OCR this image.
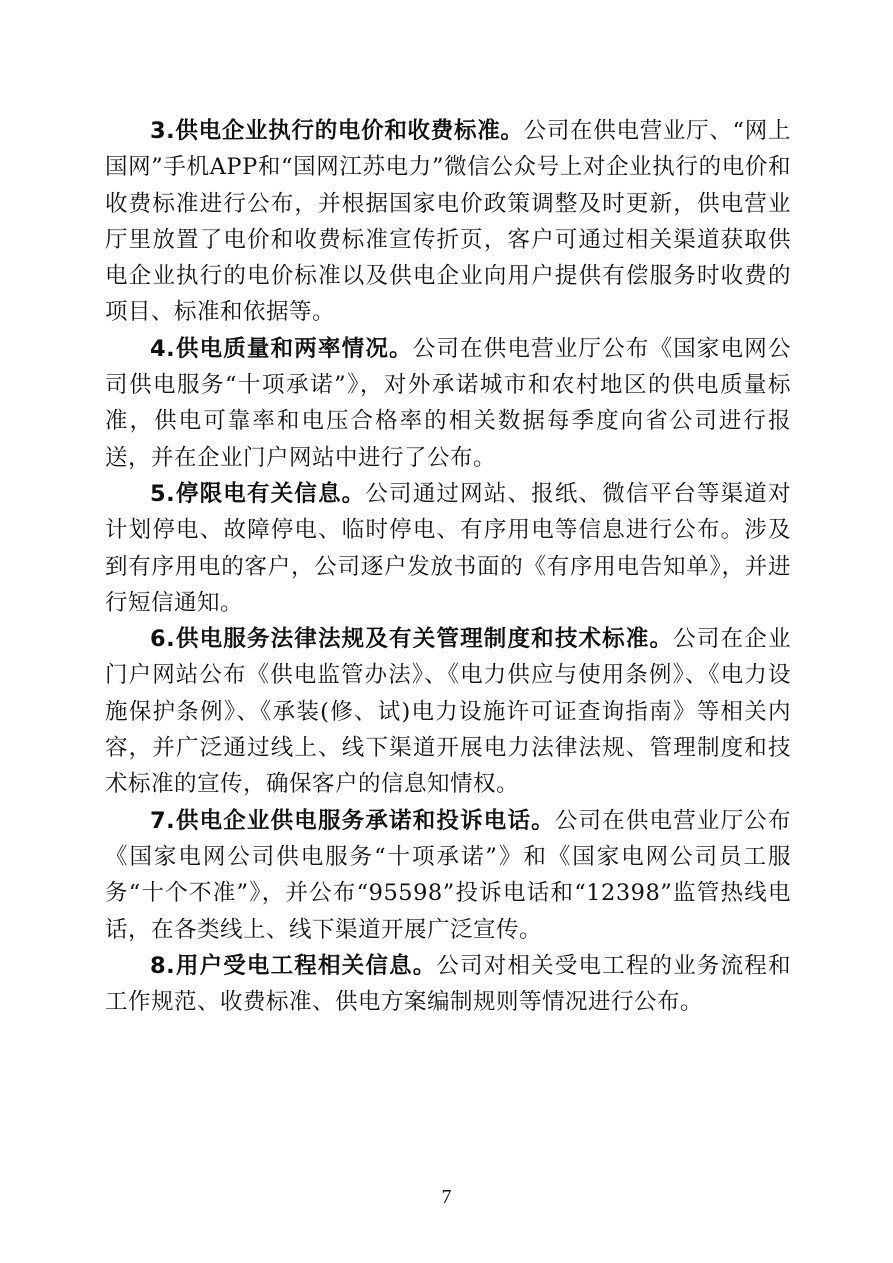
3.供电企业执行的电价和收费标准。公司在供电营业厅、“网上国网”手机APP和“国网江苏电力”微信公众号上对企业执行的电价和收费标准进行公布，并根据国家电价政策调整及时更新，供电营业厅里放置了电价和收费标准宣传折页，客户可通过相关渠道获取供电企业执行的电价标准以及供电企业向用户提供有偿服务时收费的项目、标准和依据等。

4.供电质量和两率情况。公司在供电营业厅公布《国家电网公司供电服务“十项承诺”》，对外承诺城市和农村地区的供电质量标准，供电可靠率和电压合格率的相关数据每季度向省公司进行报送，并在企业门户网站中进行了公布。

5.停限电有关信息。公司通过网站、报纸、微信平台等渠道对计划停电、故障停电、临时停电、有序用电等信息进行公布。涉及到有序用电的客户，公司逐户发放书面的《有序用电告知单》，并进行短信通知。

6.供电服务法律法规及有关管理制度和技术标准。公司在企业门户网站公布《供电监管办法》、《电力供应与使用条例》、《电力设施保护条例》、《承装(修、试)电力设施许可证查询指南》等相关内容，并广泛通过线上、线下渠道开展电力法律法规、管理制度和技术标准的宣传，确保客户的信息知情权。

7.供电企业供电服务承诺和投诉电话。公司在供电营业厅公布《国家电网公司供电服务“十项承诺”》和《国家电网公司员工服务“十个不准”》，并公布“95598”投诉电话和“12398”监管热线电话，在各类线上、线下渠道开展广泛宣传。

8.用户受电工程相关信息。公司对相关受电工程的业务流程和工作规范、收费标准、供电方案编制规则等情况进行公布。

7
